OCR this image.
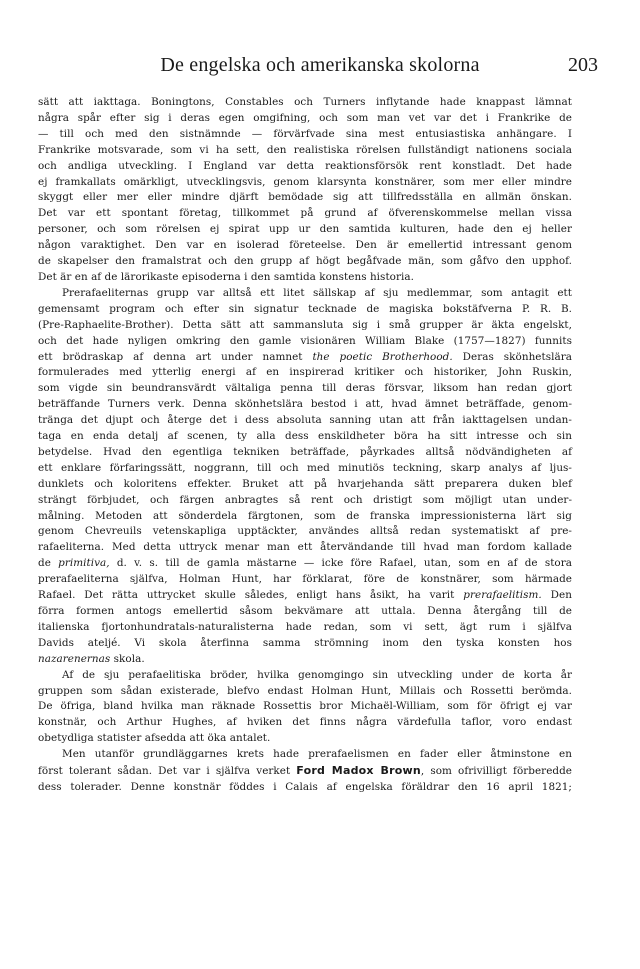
De engelska och amerikanska skolorna	203

sätt att iakttaga. Boningtons, Constables och Turners inflytande hade knappast lämnat
några spår efter sig i deras egen omgifning, och som man vet var det i Frankrike de
— till och med den sistnämnde — förvärfvade sina mest entusiastiska anhängare. I
Frankrike motsvarade, som vi ha sett, den realistiska rörelsen fullständigt nationens sociala
och andliga utveckling. I England var detta reaktionsförsök rent konstladt. Det hade
ej framkallats omärkligt, utvecklingsvis, genom klarsynta konstnärer, som mer eller mindre
skyggt eller mer eller mindre djärft bemödade sig att tillfredsställa en allmän önskan.
Det var ett spontant företag, tillkommet på grund af öfverenskommelse mellan vissa
personer, och som rörelsen ej spirat upp ur den samtida kulturen, hade den ej heller
någon varaktighet. Den var en isolerad företeelse. Den är emellertid intressant genom
de skapelser den framalstrat och den grupp af högt begåfvade män, som gåfvo den upphof.
Det är en af de lärorikaste episoderna i den samtida konstens historia.

Prerafaeliternas grupp var alltså ett litet sällskap af sju medlemmar, som antagit ett
gemensamt program och efter sin signatur tecknade de magiska bokstäfverna P. R. B.
(Pre-Raphaelite-Brother). Detta sätt att sammansluta sig i små grupper är äkta engelskt,
och det hade nyligen omkring den gamle visionären William Blake (1757—1827) funnits
ett brödraskap af denna art under namnet the poetic Brotherhood. Deras skönhetslära
formulerades med ytterlig energi af en inspirerad kritiker och historiker, John Ruskin,
som vigde sin beundransvärdt vältaliga penna till deras försvar, liksom han redan gjort
beträffande Turners verk. Denna skönhetslära bestod i att, hvad ämnet beträffade, genom-
tränga det djupt och återge det i dess absoluta sanning utan att från iakttagelsen undan-
taga en enda detalj af scenen, ty alla dess enskildheter böra ha sitt intresse och sin
betydelse. Hvad den egentliga tekniken beträffade, påyrkades alltså nödvändigheten af
ett enklare förfaringssätt, noggrann, till och med minutiös teckning, skarp analys af ljus-
dunklets och koloritens effekter. Bruket att på hvarjehanda sätt preparera duken blef
strängt förbjudet, och färgen anbragtes så rent och dristigt som möjligt utan under-
målning. Metoden att sönderdela färgtonen, som de franska impressionisterna lärt sig
genom Chevreuils vetenskapliga upptäckter, användes alltså redan systematiskt af pre-
rafaeliterna. Med detta uttryck menar man ett återvändande till hvad man fordom kallade
de primitiva, d. v. s. till de gamla mästarne — icke före Rafael, utan, som en af de stora
prerafaeliterna själfva, Holman Hunt, har förklarat, före de konstnärer, som härmade
Rafael. Det rätta uttrycket skulle således, enligt hans åsikt, ha varit prerafaelitism. Den
förra formen antogs emellertid såsom bekvämare att uttala. Denna återgång till de
italienska fjortonhundratals-naturalisterna hade redan, som vi sett, ägt rum i själfva
Davids ateljé. Vi skola återfinna samma strömning inom den tyska konsten hos
nazarenernas skola.

Af de sju perafaelitiska bröder, hvilka genomgingo sin utveckling under de korta år
gruppen som sådan existerade, blefvo endast Holman Hunt, Millais och Rossetti berömda.
De öfriga, bland hvilka man räknade Rossettis bror Michaël-William, som för öfrigt ej var
konstnär, och Arthur Hughes, af hviken det finns några värdefulla taflor, voro endast
obetydliga statister afsedda att öka antalet.

Men utanför grundläggarnes krets hade prerafaelismen en fader eller åtminstone en
först tolerant sådan. Det var i själfva verket Ford Madox Brown, som ofrivilligt förberedde
dess tolerader. Denne konstnär föddes i Calais af engelska föräldrar den 16 april 1821;
